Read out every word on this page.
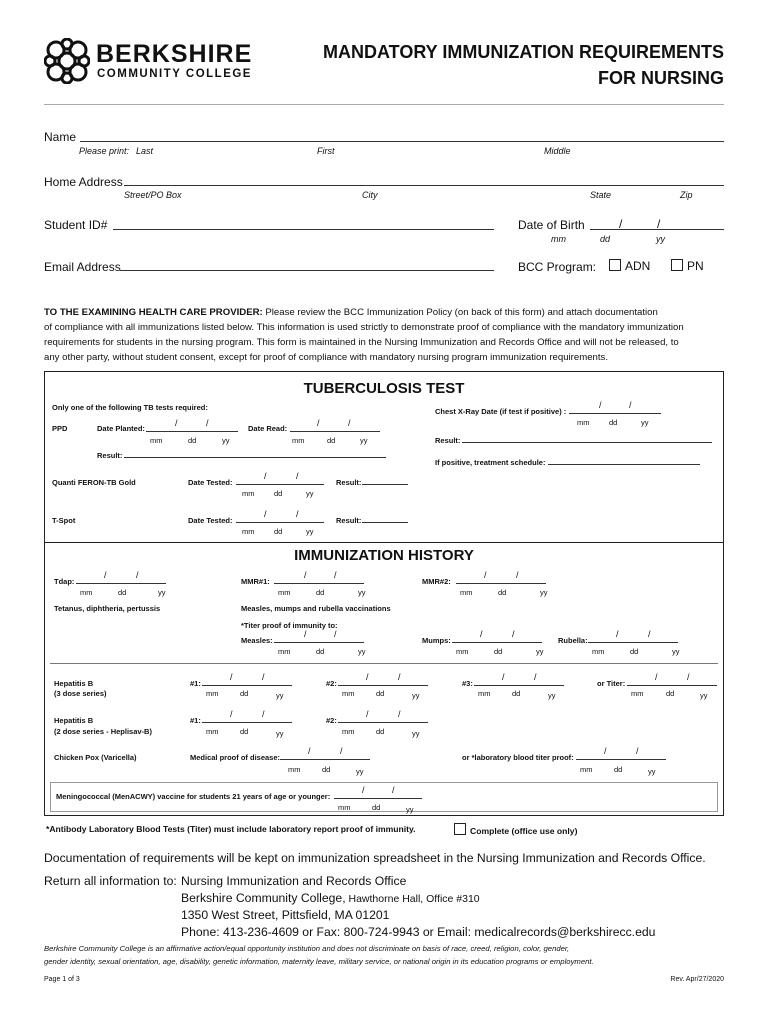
BERKSHIRE
COMMUNITY COLLEGE
MANDATORY IMMUNIZATION REQUIREMENTS
FOR NURSING
Name
Please print: Last	First	Middle
Home Address
Street/PO Box	City	State	Zip
Student ID#	Date of Birth	/	/
mm	dd	yy
Email Address	BCC Program:	ADN	PN
TO THE EXAMINING HEALTH CARE PROVIDER: Please review the BCC Immunization Policy (on back of this form) and attach documentation
of compliance with all immunizations listed below. This information is used strictly to demonstrate proof of compliance with the mandatory immunization
requirements for students in the nursing program. This form is maintained in the Nursing Immunization and Records Office and will not be released, to
any other party, without student consent, except for proof of compliance with mandatory nursing program immunization requirements.
TUBERCULOSIS TEST
Only one of the following TB tests required:
PPD	Date Planted:
/	/
mm	dd	yy
Date Read:
/	/
mm	dd	yy
Result:
Quanti FERON-TB Gold	Date Tested:
/	/
mm	dd	yy
Result:
T-Spot	Date Tested:
/	/
mm	dd	yy
Result:
Chest X-Ray Date (if test if positive) :
/	/
mm	dd	yy
Result:
If positive, treatment schedule:
IMMUNIZATION HISTORY
Tdap:
/	/
mm	dd	yy
Tetanus, diphtheria, pertussis
MMR#1:
/	/
mm	dd	yy
MMR#2:
/	/
mm	dd	yy
Measles, mumps and rubella vaccinations
*Titer proof of immunity to:
Measles:
/	/
mm	dd	yy
Mumps:
/	/
mm	dd	yy
Rubella:
/	/
mm	dd	yy
Hepatitis B
(3 dose series)
#1:
/	/
mm	dd	yy
#2:
/	/
mm	dd	yy
#3:
/	/
mm	dd	yy
or Titer:
/	/
mm	dd	yy
Hepatitis B
(2 dose series - Heplisav-B)
#1:
/	/
mm	dd	yy
#2:
/	/
mm	dd	yy
Chicken Pox (Varicella)	Medical proof of disease:
/	/
mm	dd	yy
or *laboratory blood titer proof:
/	/
mm	dd	yy
Meningococcal (MenACWY) vaccine for students 21 years of age or younger:
/	/
mm	dd	yy
*Antibody Laboratory Blood Tests (Titer) must include laboratory report proof of immunity.	Complete (office use only)
Documentation of requirements will be kept on immunization spreadsheet in the Nursing Immunization and Records Office.
Return all information to: Nursing Immunization and Records Office
Berkshire Community College, Hawthorne Hall, Office #310
1350 West Street, Pittsfield, MA 01201
Phone: 413-236-4609 or Fax: 800-724-9943 or Email: medicalrecords@berkshirecc.edu
Berkshire Community College is an affirmative action/equal opportunity institution and does not discriminate on basis of race, creed, religion, color, gender,
gender identity, sexual orientation, age, disability, genetic information, maternity leave, military service, or national origin in its education programs or employment.
Page 1 of 3	Rev. Apr/27/2020
